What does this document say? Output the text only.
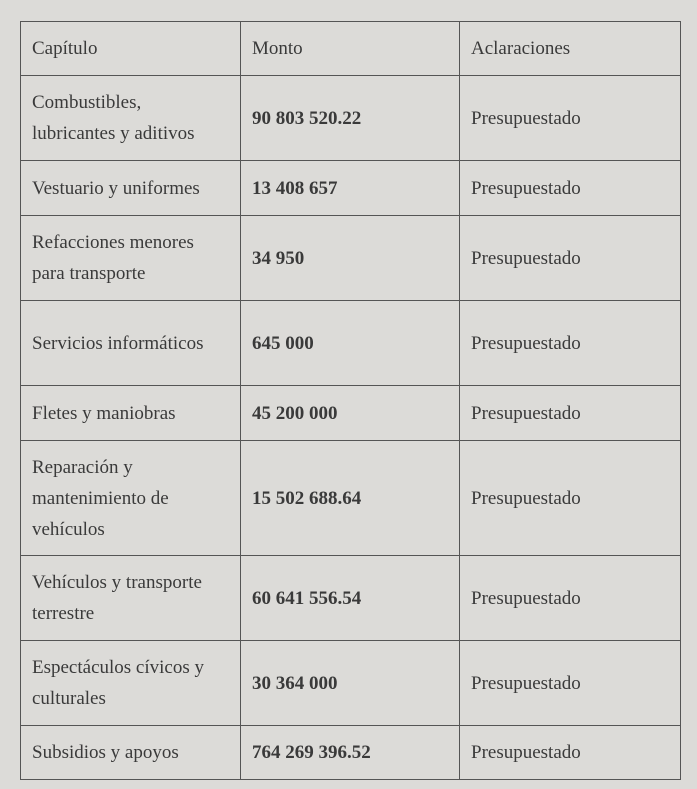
Capítulo	Monto	Aclaraciones
Combustibles, lubricantes y aditivos	90 803 520.22	Presupuestado
Vestuario y uniformes	13 408 657	Presupuestado
Refacciones menores para transporte	34 950	Presupuestado
Servicios informáticos	645 000	Presupuestado
Fletes y maniobras	45 200 000	Presupuestado
Reparación y mantenimiento de vehículos	15 502 688.64	Presupuestado
Vehículos y transporte terrestre	60 641 556.54	Presupuestado
Espectáculos cívicos y culturales	30 364 000	Presupuestado
Subsidios y apoyos	764 269 396.52	Presupuestado
